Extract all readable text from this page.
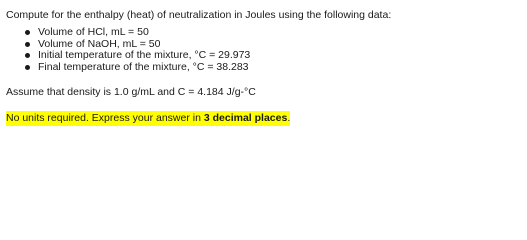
Compute for the enthalpy (heat) of neutralization in Joules using the following data:

Volume of HCl, mL = 50
Volume of NaOH, mL = 50
Initial temperature of the mixture, °C = 29.973
Final temperature of the mixture, °C = 38.283

Assume that density is 1.0 g/mL and C = 4.184 J/g-°C

No units required. Express your answer in 3 decimal places.
